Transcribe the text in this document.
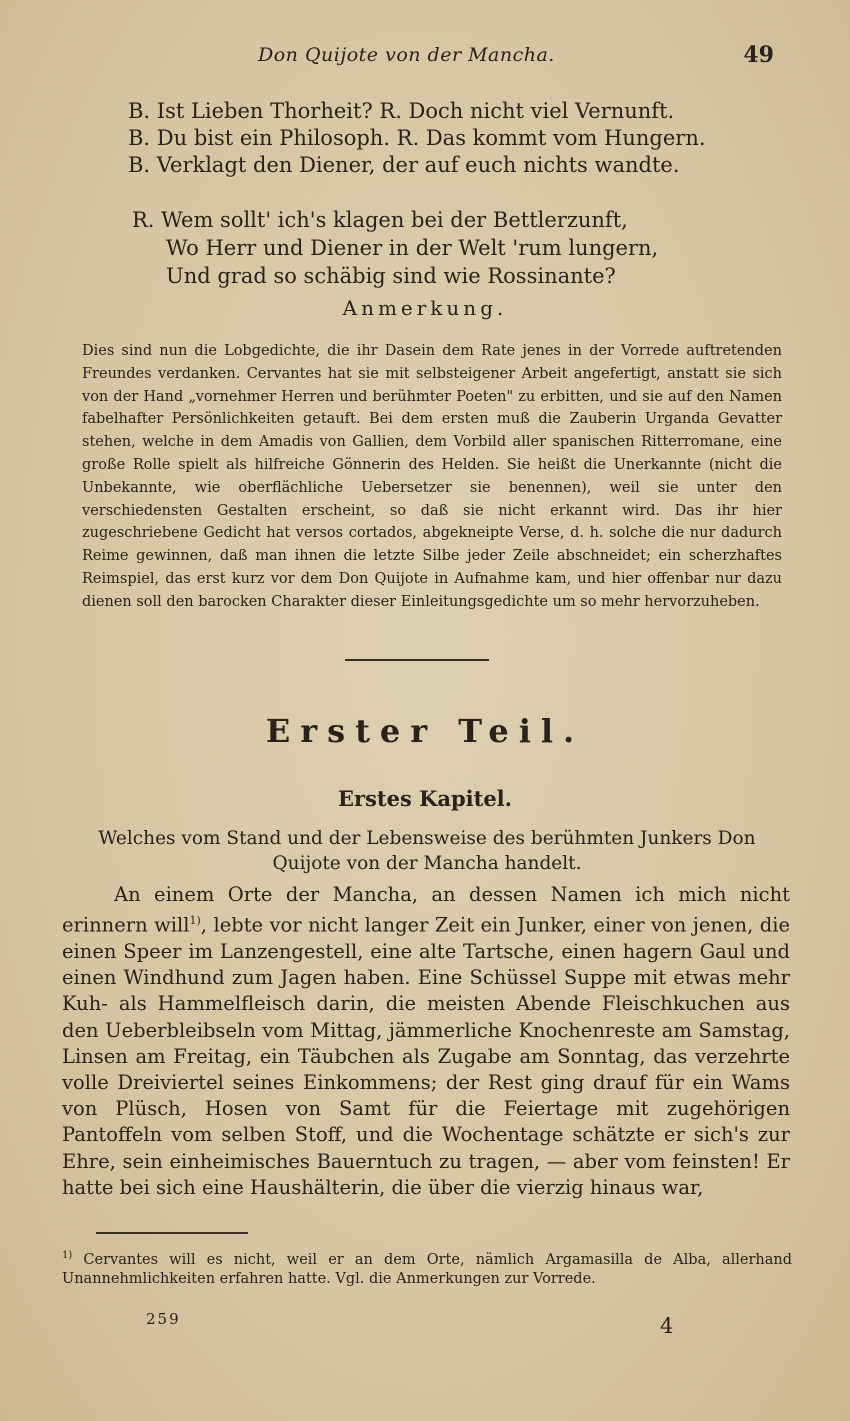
Don Quijote von der Mancha.	49
B. Ist Lieben Thorheit? R. Doch nicht viel Vernunft.
B. Du bist ein Philosoph. R. Das kommt vom Hungern.
B. Verklagt den Diener, der auf euch nichts wandte.
R. Wem sollt' ich's klagen bei der Bettlerzunft,
Wo Herr und Diener in der Welt 'rum lungern,
Und grad so schäbig sind wie Rossinante?
Anmerkung.
Dies sind nun die Lobgedichte, die ihr Dasein dem Rate jenes in der Vorrede auftretenden Freundes verdanken. Cervantes hat sie mit selbsteigener Arbeit angefertigt, anstatt sie sich von der Hand „vornehmer Herren und berühmter Poeten" zu erbitten, und sie auf den Namen fabelhafter Persönlichkeiten getauft. Bei dem ersten muß die Zauberin Urganda Gevatter stehen, welche in dem Amadis von Gallien, dem Vorbild aller spanischen Ritterromane, eine große Rolle spielt als hilfreiche Gönnerin des Helden. Sie heißt die Unerkannte (nicht die Unbekannte, wie oberflächliche Uebersetzer sie benennen), weil sie unter den verschiedensten Gestalten erscheint, so daß sie nicht erkannt wird. Das ihr hier zugeschriebene Gedicht hat versos cortados, abgekneipte Verse, d. h. solche die nur dadurch Reime gewinnen, daß man ihnen die letzte Silbe jeder Zeile abschneidet; ein scherzhaftes Reimspiel, das erst kurz vor dem Don Quijote in Aufnahme kam, und hier offenbar nur dazu dienen soll den barocken Charakter dieser Einleitungsgedichte um so mehr hervorzuheben.
Erster Teil.
Erstes Kapitel.
Welches vom Stand und der Lebensweise des berühmten Junkers Don Quijote von der Mancha handelt.
An einem Orte der Mancha, an dessen Namen ich mich nicht erinnern will$^{1)}$, lebte vor nicht langer Zeit ein Junker, einer von jenen, die einen Speer im Lanzengestell, eine alte Tartsche, einen hagern Gaul und einen Windhund zum Jagen haben. Eine Schüssel Suppe mit etwas mehr Kuh- als Hammelfleisch darin, die meisten Abende Fleischkuchen aus den Ueberbleibseln vom Mittag, jämmerliche Knochenreste am Samstag, Linsen am Freitag, ein Täubchen als Zugabe am Sonntag, das verzehrte volle Dreiviertel seines Einkommens; der Rest ging drauf für ein Wams von Plüsch, Hosen von Samt für die Feiertage mit zugehörigen Pantoffeln vom selben Stoff, und die Wochentage schätzte er sich's zur Ehre, sein einheimisches Bauerntuch zu tragen, — aber vom feinsten! Er hatte bei sich eine Haushälterin, die über die vierzig hinaus war,
$^{1)}$ Cervantes will es nicht, weil er an dem Orte, nämlich Argamasilla de Alba, allerhand Unannehmlichkeiten erfahren hatte. Vgl. die Anmerkungen zur Vorrede.
259	4
